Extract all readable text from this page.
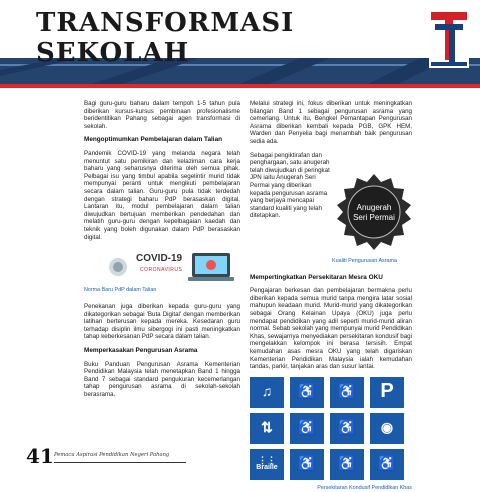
TRANSFORMASI
SEKOLAH

Bagi guru-guru baharu dalam tempoh 1-5 tahun pula diberikan kursus-kursus pembinaan profesionalisme beridentitikan Pahang sebagai agen transformasi di sekolah.

Mengoptimumkan Pembelajaran dalam Talian

Pandemik COVID-19 yang melanda negara telah menuntut satu pemikiran dan kelaziman cara kerja baharu yang seharusnya diterima oleh semua pihak. Pelbagai isu yang timbul apabila segelintir murid tidak mempunyai peranti untuk mengikuti pembelajaran secara dalam talian. Guru-guru pula tidak terdedah dengan strategi baharu PdP berasaskan digital. Lantaran itu, modul pembelajaran dalam talian diwujudkan bertujuan memberikan pendedahan dan melatih guru-guru dengan kepelbagaian kaedah dan teknik yang boleh digunakan dalam PdP berasaskan digital.

COVID-19
CORONAVIRUS
Norma Baru PdP dalam Talian

Penekanan juga diberikan kepada guru-guru yang dikategorikan sebagai 'Buta Digital' dengan memberikan latihan berterusan kepada mereka. Kesedaran guru terhadap disiplin ilmu sibergogi ini pasti meningkatkan tahap keberkesanan PdP secara dalam talian.

Memperkasakan Pengurusan Asrama

Buku Panduan Pengurusan Asrama Kementerian Pendidikan Malaysia telah menetapkan Band 1 hingga Band 7 sebagai standard pengukuran kecemerlangan tahap pengurusan asrama di sekolah-sekolah berasrama.

Melalui strategi ini, fokus diberikan untuk meningkatkan bilangan Band 1 sebagai pengurusan asrama yang cemerlang. Untuk itu, Bengkel Pemantapan Pengurusan Asrama diberikan kembali kepada PGB, GPK HEM, Warden dan Penyelia bagi menambah baik pengurusan sedia ada.

Sebagai pengiktirafan dan penghargaan, satu anugerah telah diwujudkan di peringkat JPN iaitu Anugerah Seri Permai yang diberikan kepada pengurusan asrama yang berjaya mencapai standard kualiti yang telah ditetapkan.
Anugerah
Seri Permai
Kualiti Pengurusan Asrama
Mempertingkatkan Persekitaran Mesra OKU

Pengajaran berkesan dan pembelajaran bermakna perlu diberikan kepada semua murid tanpa mengira latar sosial mahupun keadaan murid. Murid-murid yang dikategorikan sebagai Orang Kelainan Upaya (OKU) juga perlu mendapat pendidikan yang adil seperti murid-murid aliran normal. Sebab sekolah yang mempunyai murid Pendidikan Khas, sewajarnya menyediakan persekitaran kondusif bagi mengelakkan kelompok ini berasa tersisih. Empat kemudahan asas mesra OKU yang telah digariskan Kementerian Pendidikan Malaysia ialah kemudahan tandas, parkir, tanjakan aras dan susur lantai.

♫	♿	♿	P
⇅	♿	♿	◉
⋮⋮
Braille	♿	♿	♿
Persekitaran Kondusif Pendidikan Khas
41 Pemacu Aspirasi Pendidikan Negeri Pahang
